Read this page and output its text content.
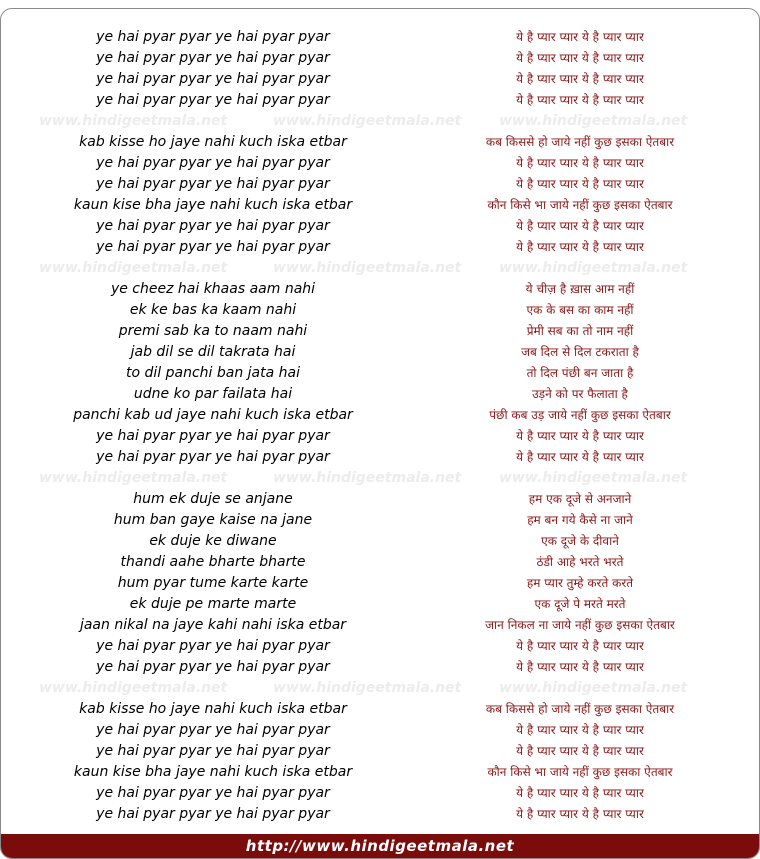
www.hindigeetmala.net	www.hindigeetmala.net	www.hindigeetmala.net
www.hindigeetmala.net	www.hindigeetmala.net	www.hindigeetmala.net
www.hindigeetmala.net	www.hindigeetmala.net	www.hindigeetmala.net
www.hindigeetmala.net	www.hindigeetmala.net	www.hindigeetmala.net
ye hai pyar pyar ye hai pyar pyar	ये है प्यार प्यार ये है प्यार प्यार
ye hai pyar pyar ye hai pyar pyar	ये है प्यार प्यार ये है प्यार प्यार
ye hai pyar pyar ye hai pyar pyar	ये है प्यार प्यार ये है प्यार प्यार
ye hai pyar pyar ye hai pyar pyar	ये है प्यार प्यार ये है प्यार प्यार
kab kisse ho jaye nahi kuch iska etbar	कब किससे हो जाये नहीं कुछ इसका ऐतबार
ye hai pyar pyar ye hai pyar pyar	ये है प्यार प्यार ये है प्यार प्यार
ye hai pyar pyar ye hai pyar pyar	ये है प्यार प्यार ये है प्यार प्यार
kaun kise bha jaye nahi kuch iska etbar	कौन किसे भा जाये नहीं कुछ इसका ऐतबार
ye hai pyar pyar ye hai pyar pyar	ये है प्यार प्यार ये है प्यार प्यार
ye hai pyar pyar ye hai pyar pyar	ये है प्यार प्यार ये है प्यार प्यार
ye cheez hai khaas aam nahi	ये चीज़ है ख़ास आम नहीं
ek ke bas ka kaam nahi	एक के बस का काम नहीं
premi sab ka to naam nahi	प्रेमी सब का तो नाम नहीं
jab dil se dil takrata hai	जब दिल से दिल टकराता है
to dil panchi ban jata hai	तो दिल पंछी बन जाता है
udne ko par failata hai	उड़ने को पर फैलाता है
panchi kab ud jaye nahi kuch iska etbar	पंछी कब उड़ जाये नहीं कुछ इसका ऐतबार
ye hai pyar pyar ye hai pyar pyar	ये है प्यार प्यार ये है प्यार प्यार
ye hai pyar pyar ye hai pyar pyar	ये है प्यार प्यार ये है प्यार प्यार
hum ek duje se anjane	हम एक दूजे से अनजाने
hum ban gaye kaise na jane	हम बन गये कैसे ना जाने
ek duje ke diwane	एक दूजे के दीवाने
thandi aahe bharte bharte	ठंडी आहे भरते भरते
hum pyar tume karte karte	हम प्यार तुम्हे करते करते
ek duje pe marte marte	एक दूजे पे मरते मरते
jaan nikal na jaye kahi nahi iska etbar	जान निकल ना जाये नहीं कुछ इसका ऐतबार
ye hai pyar pyar ye hai pyar pyar	ये है प्यार प्यार ये है प्यार प्यार
ye hai pyar pyar ye hai pyar pyar	ये है प्यार प्यार ये है प्यार प्यार
kab kisse ho jaye nahi kuch iska etbar	कब किससे हो जाये नहीं कुछ इसका ऐतबार
ye hai pyar pyar ye hai pyar pyar	ये है प्यार प्यार ये है प्यार प्यार
ye hai pyar pyar ye hai pyar pyar	ये है प्यार प्यार ये है प्यार प्यार
kaun kise bha jaye nahi kuch iska etbar	कौन किसे भा जाये नहीं कुछ इसका ऐतबार
ye hai pyar pyar ye hai pyar pyar	ये है प्यार प्यार ये है प्यार प्यार
ye hai pyar pyar ye hai pyar pyar	ये है प्यार प्यार ये है प्यार प्यार
http://www.hindigeetmala.net
